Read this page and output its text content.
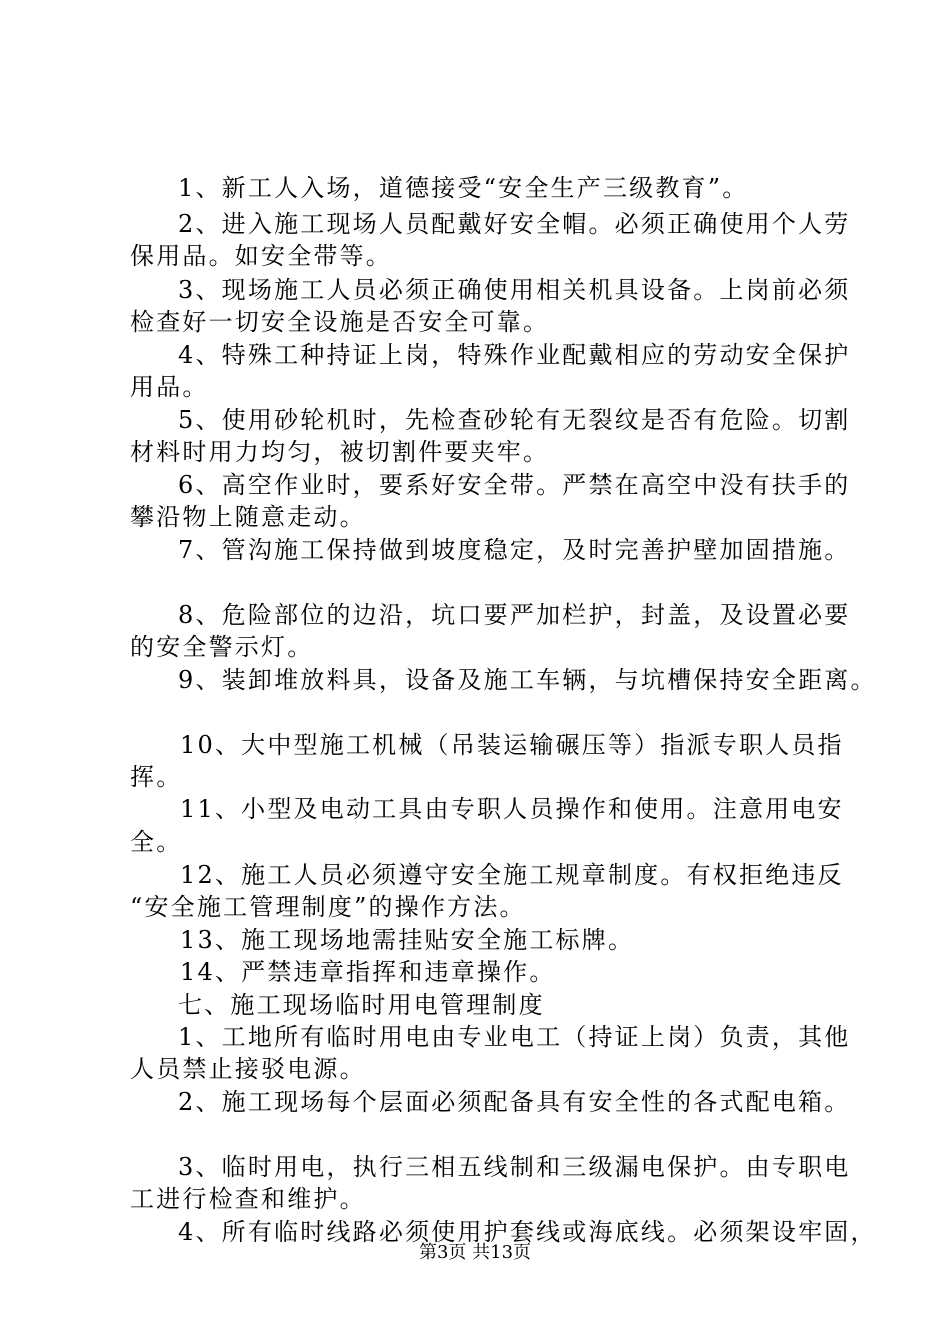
1、新工人入场，道德接受“安全生产三级教育”。
2、进入施工现场人员配戴好安全帽。必须正确使用个人劳
保用品。如安全带等。
3、现场施工人员必须正确使用相关机具设备。上岗前必须
检查好一切安全设施是否安全可靠。
4、特殊工种持证上岗，特殊作业配戴相应的劳动安全保护
用品。
5、使用砂轮机时，先检查砂轮有无裂纹是否有危险。切割
材料时用力均匀，被切割件要夹牢。
6、高空作业时，要系好安全带。严禁在高空中没有扶手的
攀沿物上随意走动。
7、管沟施工保持做到坡度稳定，及时完善护壁加固措施。
8、危险部位的边沿，坑口要严加栏护，封盖，及设置必要
的安全警示灯。
9、装卸堆放料具，设备及施工车辆，与坑槽保持安全距离。
10、大中型施工机械（吊装运输碾压等）指派专职人员指
挥。
11、小型及电动工具由专职人员操作和使用。注意用电安
全。
12、施工人员必须遵守安全施工规章制度。有权拒绝违反
“安全施工管理制度”的操作方法。
13、施工现场地需挂贴安全施工标牌。
14、严禁违章指挥和违章操作。
七、施工现场临时用电管理制度
1、工地所有临时用电由专业电工（持证上岗）负责，其他
人员禁止接驳电源。
2、施工现场每个层面必须配备具有安全性的各式配电箱。
3、临时用电，执行三相五线制和三级漏电保护。由专职电
工进行检查和维护。
4、所有临时线路必须使用护套线或海底线。必须架设牢固，
第3页 共13页
